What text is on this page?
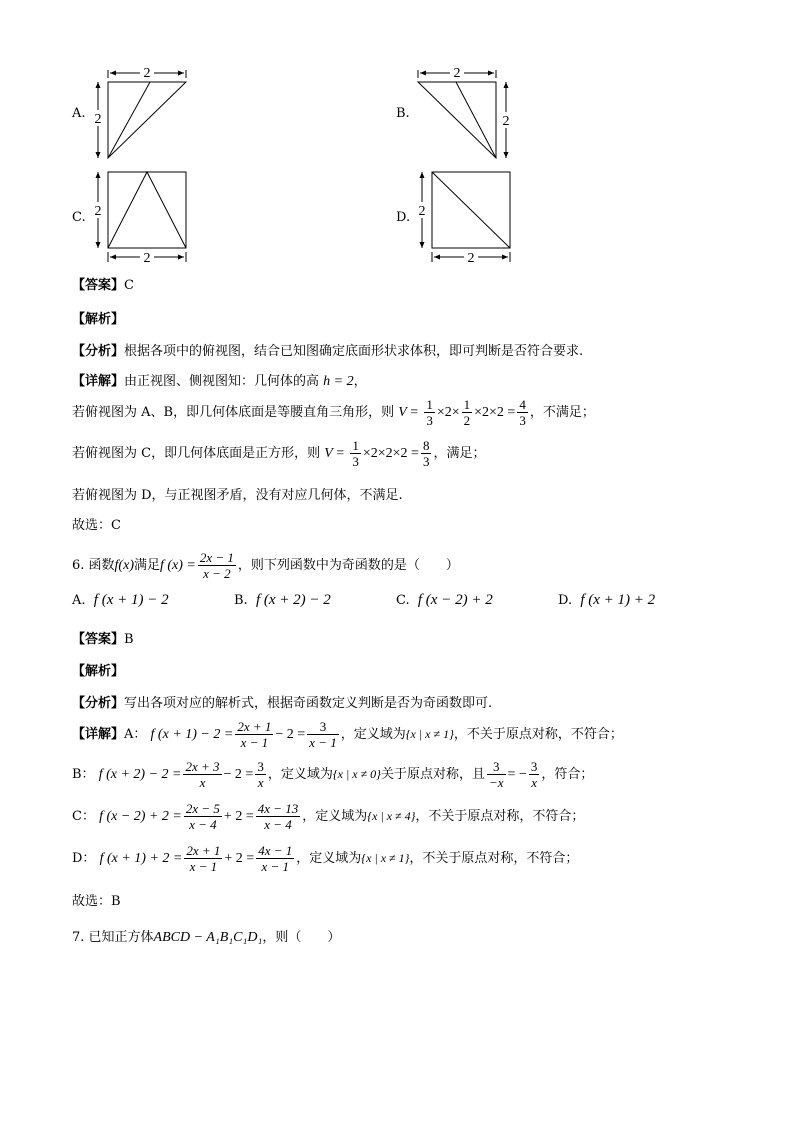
A.
2
2	B.
2
2
C. 2
2
D. 2
2
【答案】C
【解析】
【分析】根据各项中的俯视图，结合已知图确定底面形状求体积，即可判断是否符合要求.
【详解】由正视图、侧视图知：几何体的高 h = 2，
若俯视图为 A、B，即几何体底面是等腰直角三角形，则 $V = \frac{1}{3} \times 2\times \frac{1}{2} \times 2\times 2 = \frac{4}{3}$ ，不满足；
若俯视图为 C，即几何体底面是正方形，则 $V = \frac{1}{3} \times 2\times 2\times 2 = \frac{8}{3}$ ，满足；
若俯视图为 D，与正视图矛盾，没有对应几何体，不满足.
故选：C
6. 函数f(x)满足f $(x) = \frac{2x - 1}{x - 2}$ ，则下列函数中为奇函数的是（　　）
A. f (x + 1) − 2	B. f (x + 2) − 2	C. f (x − 2) + 2	D. f (x + 1) + 2
【答案】B
【解析】
【分析】写出各项对应的解析式，根据奇函数定义判断是否为奇函数即可.
【详解】A： f $(x + 1) - 2 = \frac{2x + 1}{x - 1} - 2 = \frac{3}{x - 1}$ ，定义域为{x | x ≠ 1}，不关于原点对称，不符合；
B： f $(x + 2) - 2 = \frac{2x + 3}{x} - 2 = \frac{3}{x}$ ，定义域为{x | x ≠ 0}关于原点对称，且 $\frac{3}{-x}$ = − $\frac{3}{x}$ ，符合；
C： f $(x - 2) + 2 = \frac{2x - 5}{x - 4} + 2 = \frac{4x - 13}{x - 4}$ ，定义域为{x | x ≠ 4}，不关于原点对称，不符合；
D： f $(x + 1) + 2 = \frac{2x + 1}{x - 1} + 2 = \frac{4x - 1}{x - 1}$ ，定义域为{x | x ≠ 1}，不关于原点对称，不符合；
故选：B
7. 已知正方体ABCD − A₁B₁C₁D₁，则（　　）
